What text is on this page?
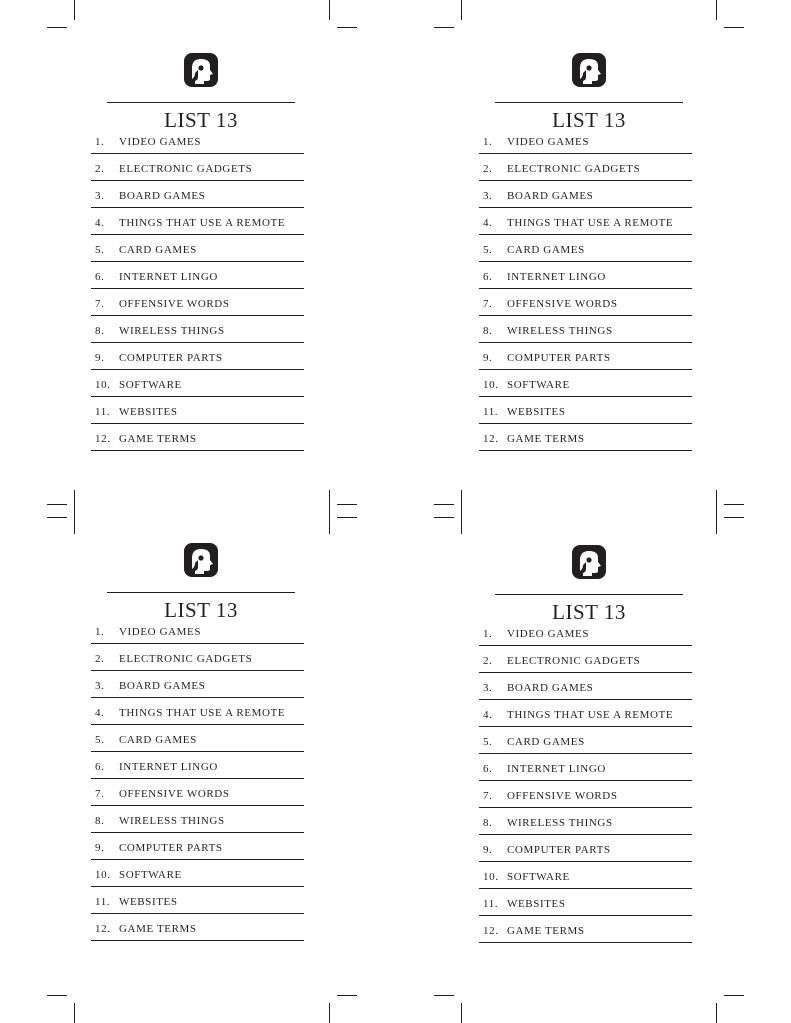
LIST 13
1. VIDEO GAMES
2. ELECTRONIC GADGETS
3. BOARD GAMES
4. THINGS THAT USE A REMOTE
5. CARD GAMES
6. INTERNET LINGO
7. OFFENSIVE WORDS
8. WIRELESS THINGS
9. COMPUTER PARTS
10. SOFTWARE
11. WEBSITES
12. GAME TERMS
LIST 13
1. VIDEO GAMES
2. ELECTRONIC GADGETS
3. BOARD GAMES
4. THINGS THAT USE A REMOTE
5. CARD GAMES
6. INTERNET LINGO
7. OFFENSIVE WORDS
8. WIRELESS THINGS
9. COMPUTER PARTS
10. SOFTWARE
11. WEBSITES
12. GAME TERMS
LIST 13
1. VIDEO GAMES
2. ELECTRONIC GADGETS
3. BOARD GAMES
4. THINGS THAT USE A REMOTE
5. CARD GAMES
6. INTERNET LINGO
7. OFFENSIVE WORDS
8. WIRELESS THINGS
9. COMPUTER PARTS
10. SOFTWARE
11. WEBSITES
12. GAME TERMS
LIST 13
1. VIDEO GAMES
2. ELECTRONIC GADGETS
3. BOARD GAMES
4. THINGS THAT USE A REMOTE
5. CARD GAMES
6. INTERNET LINGO
7. OFFENSIVE WORDS
8. WIRELESS THINGS
9. COMPUTER PARTS
10. SOFTWARE
11. WEBSITES
12. GAME TERMS
